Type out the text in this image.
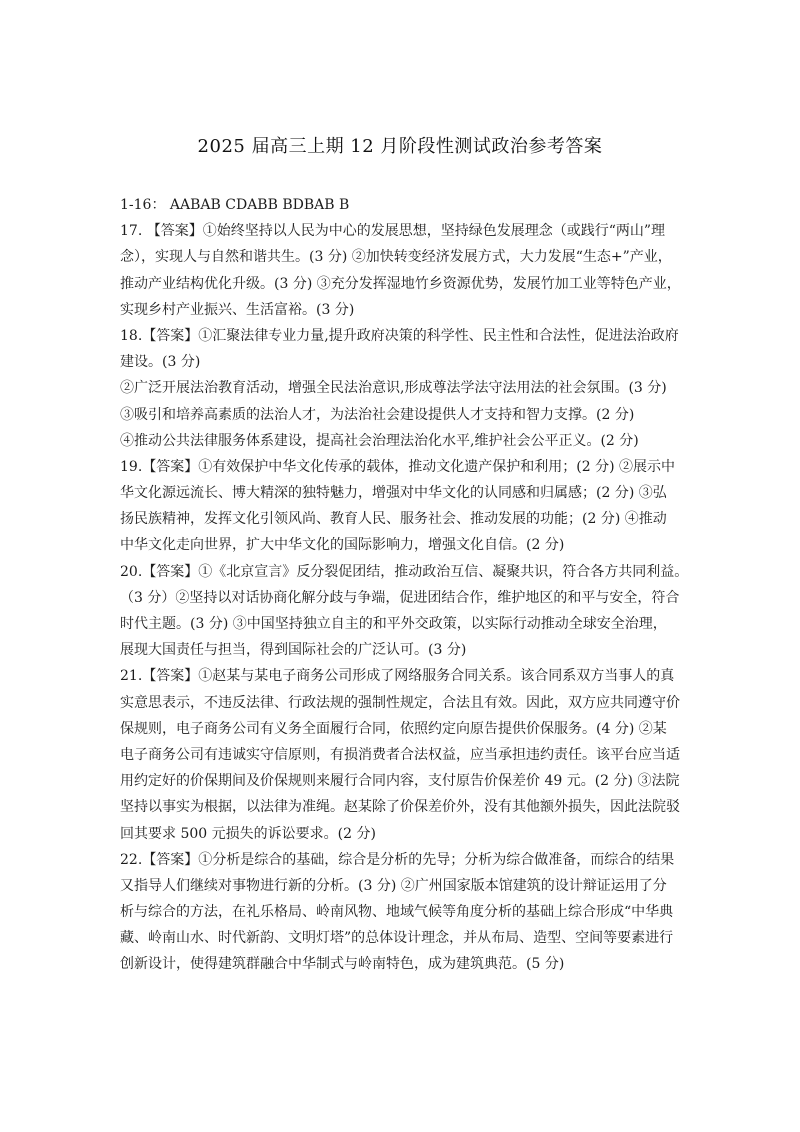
2025 届高三上期 12 月阶段性测试政治参考答案
1-16： AABAB CDABB BDBAB B
17. 【答案】①始终坚持以人民为中心的发展思想，坚持绿色发展理念（或践行“两山”理
念），实现人与自然和谐共生。(3 分) ②加快转变经济发展方式，大力发展“生态+”产业，
推动产业结构优化升级。(3 分) ③充分发挥湿地竹乡资源优势，发展竹加工业等特色产业，
实现乡村产业振兴、生活富裕。(3 分)
18.【答案】①汇聚法律专业力量,提升政府决策的科学性、民主性和合法性，促进法治政府
建设。(3 分)
②广泛开展法治教育活动，增强全民法治意识,形成尊法学法守法用法的社会氛围。(3 分)
③吸引和培养高素质的法治人才，为法治社会建设提供人才支持和智力支撑。(2 分)
④推动公共法律服务体系建设，提高社会治理法治化水平,维护社会公平正义。(2 分)
19.【答案】①有效保护中华文化传承的载体，推动文化遗产保护和利用；(2 分) ②展示中
华文化源远流长、博大精深的独特魅力，增强对中华文化的认同感和归属感；(2 分) ③弘
扬民族精神，发挥文化引领风尚、教育人民、服务社会、推动发展的功能；(2 分) ④推动
中华文化走向世界，扩大中华文化的国际影响力，增强文化自信。(2 分)
20.【答案】①《北京宣言》反分裂促团结，推动政治互信、凝聚共识，符合各方共同利益。
（3 分）②坚持以对话协商化解分歧与争端，促进团结合作，维护地区的和平与安全，符合
时代主题。(3 分) ③中国坚持独立自主的和平外交政策，以实际行动推动全球安全治理，
展现大国责任与担当，得到国际社会的广泛认可。(3 分)
21.【答案】①赵某与某电子商务公司形成了网络服务合同关系。该合同系双方当事人的真
实意思表示，不违反法律、行政法规的强制性规定，合法且有效。因此，双方应共同遵守价
保规则，电子商务公司有义务全面履行合同，依照约定向原告提供价保服务。(4 分) ②某
电子商务公司有违诚实守信原则，有损消费者合法权益，应当承担违约责任。该平台应当适
用约定好的价保期间及价保规则来履行合同内容，支付原告价保差价 49 元。(2 分) ③法院
坚持以事实为根据，以法律为准绳。赵某除了价保差价外，没有其他额外损失，因此法院驳
回其要求 500 元损失的诉讼要求。(2 分)
22.【答案】①分析是综合的基础，综合是分析的先导；分析为综合做准备，而综合的结果
又指导人们继续对事物进行新的分析。(3 分) ②广州国家版本馆建筑的设计辩证运用了分
析与综合的方法，在礼乐格局、岭南风物、地域气候等角度分析的基础上综合形成“中华典
藏、岭南山水、时代新韵、文明灯塔”的总体设计理念，并从布局、造型、空间等要素进行
创新设计，使得建筑群融合中华制式与岭南特色，成为建筑典范。(5 分)
